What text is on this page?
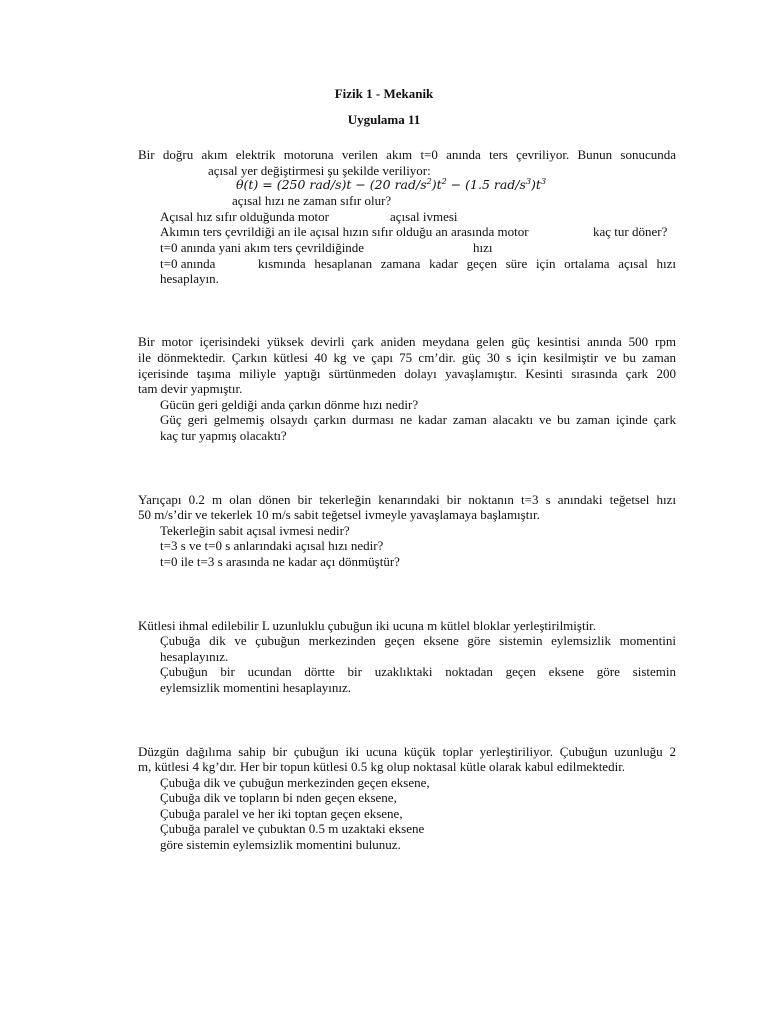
Fizik 1 - Mekanik
Uygulama 11
Bir doğru akım elektrik motoruna verilen akım t=0 anında ters çevriliyor. Bunun sonucunda
açısal yer değiştirmesi şu şekilde veriliyor:
θ(t) = (250 rad/s)t − (20 rad/$s^2)t^2 - (1.5$ rad/$s^3)t^3$
açısal hızı ne zaman sıfır olur?
Açısal hız sıfır olduğunda motor	açısal ivmesi
Akımın ters çevrildiği an ile açısal hızın sıfır olduğu an arasında motor	kaç tur döner?
t=0 anında yani akım ters çevrildiğinde	hızı
t=0 anında	kısmında hesaplanan zamana kadar geçen süre için ortalama açısal hızı
hesaplayın.
Bir motor içerisindeki yüksek devirli çark aniden meydana gelen güç kesintisi anında 500 rpm
ile dönmektedir. Çarkın kütlesi 40 kg ve çapı 75 cm’dir. güç 30 s için kesilmiştir ve bu zaman
içerisinde taşıma miliyle yaptığı sürtünmeden dolayı yavaşlamıştır. Kesinti sırasında çark 200
tam devir yapmıştır.
Gücün geri geldiği anda çarkın dönme hızı nedir?
Güç geri gelmemiş olsaydı çarkın durması ne kadar zaman alacaktı ve bu zaman içinde çark
kaç tur yapmış olacaktı?
Yarıçapı 0.2 m olan dönen bir tekerleğin kenarındaki bir noktanın t=3 s anındaki teğetsel hızı
50 m/s’dir ve tekerlek 10 m/s sabit teğetsel ivmeyle yavaşlamaya başlamıştır.
Tekerleğin sabit açısal ivmesi nedir?
t=3 s ve t=0 s anlarındaki açısal hızı nedir?
t=0 ile t=3 s arasında ne kadar açı dönmüştür?
Kütlesi ihmal edilebilir L uzunluklu çubuğun iki ucuna m kütlel bloklar yerleştirilmiştir.
Çubuğa dik ve çubuğun merkezinden geçen eksene göre sistemin eylemsizlik momentini
hesaplayınız.
Çubuğun bir ucundan dörtte bir uzaklıktaki noktadan geçen eksene göre sistemin
eylemsizlik momentini hesaplayınız.
Düzgün dağılıma sahip bir çubuğun iki ucuna küçük toplar yerleştiriliyor. Çubuğun uzunluğu 2
m, kütlesi 4 kg’dır. Her bir topun kütlesi 0.5 kg olup noktasal kütle olarak kabul edilmektedir.
Çubuğa dik ve çubuğun merkezinden geçen eksene,
Çubuğa dik ve topların bi nden geçen eksene,
Çubuğa paralel ve her iki toptan geçen eksene,
Çubuğa paralel ve çubuktan 0.5 m uzaktaki eksene
göre sistemin eylemsizlik momentini bulunuz.
